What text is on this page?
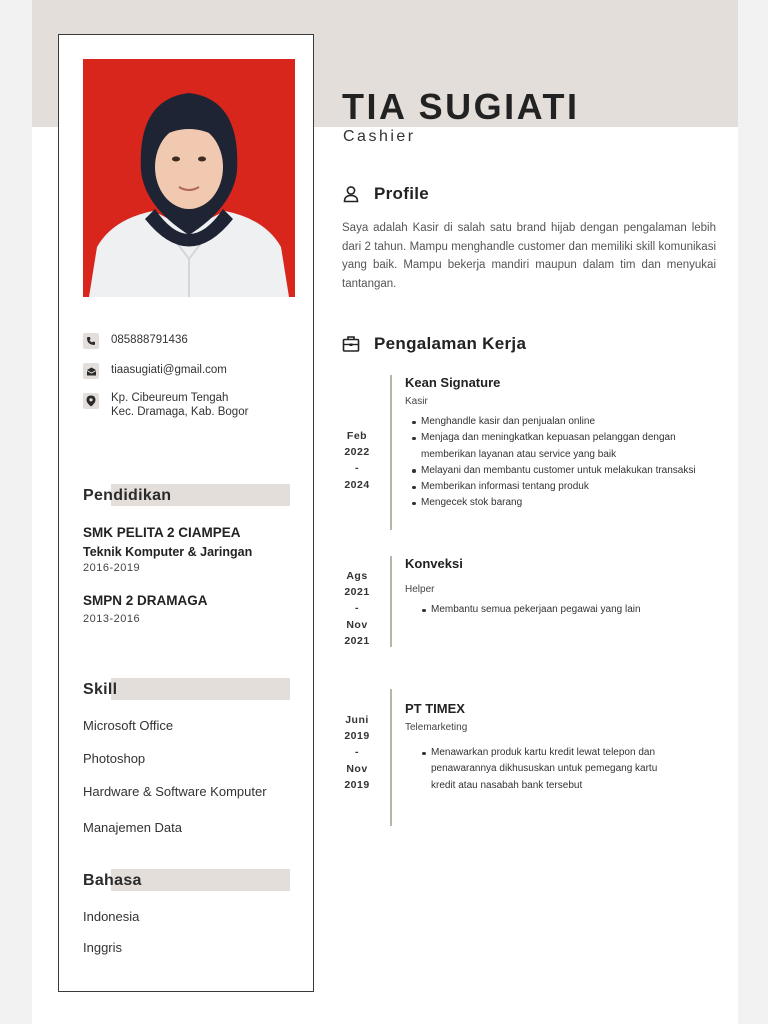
085888791436
tiaasugiati@gmail.com
Kp. Cibeureum Tengah
Kec. Dramaga, Kab. Bogor
Pendidikan
SMK PELITA 2 CIAMPEA
Teknik Komputer & Jaringan
2016-2019
SMPN 2 DRAMAGA
2013-2016
Skill
Microsoft Office
Photoshop
Hardware & Software Komputer
Manajemen Data
Bahasa
Indonesia
Inggris
TIA SUGIATI
Cashier
Profile
Saya adalah Kasir di salah satu brand hijab dengan pengalaman lebih dari 2 tahun. Mampu menghandle customer dan memiliki skill komunikasi yang baik. Mampu bekerja mandiri maupun dalam tim dan menyukai tantangan.
Pengalaman Kerja
Feb
2022
-
2024
Kean Signature
Kasir
Menghandle kasir dan penjualan online
Menjaga dan meningkatkan kepuasan pelanggan dengan memberikan layanan atau service yang baik
Melayani dan membantu customer untuk melakukan transaksi
Memberikan informasi tentang produk
Mengecek stok barang
Ags
2021
-
Nov
2021
Konveksi
Helper
Membantu semua pekerjaan pegawai yang lain
Juni
2019
-
Nov
2019
PT TIMEX
Telemarketing
Menawarkan produk kartu kredit lewat telepon dan penawarannya dikhususkan untuk pemegang kartu kredit atau nasabah bank tersebut
